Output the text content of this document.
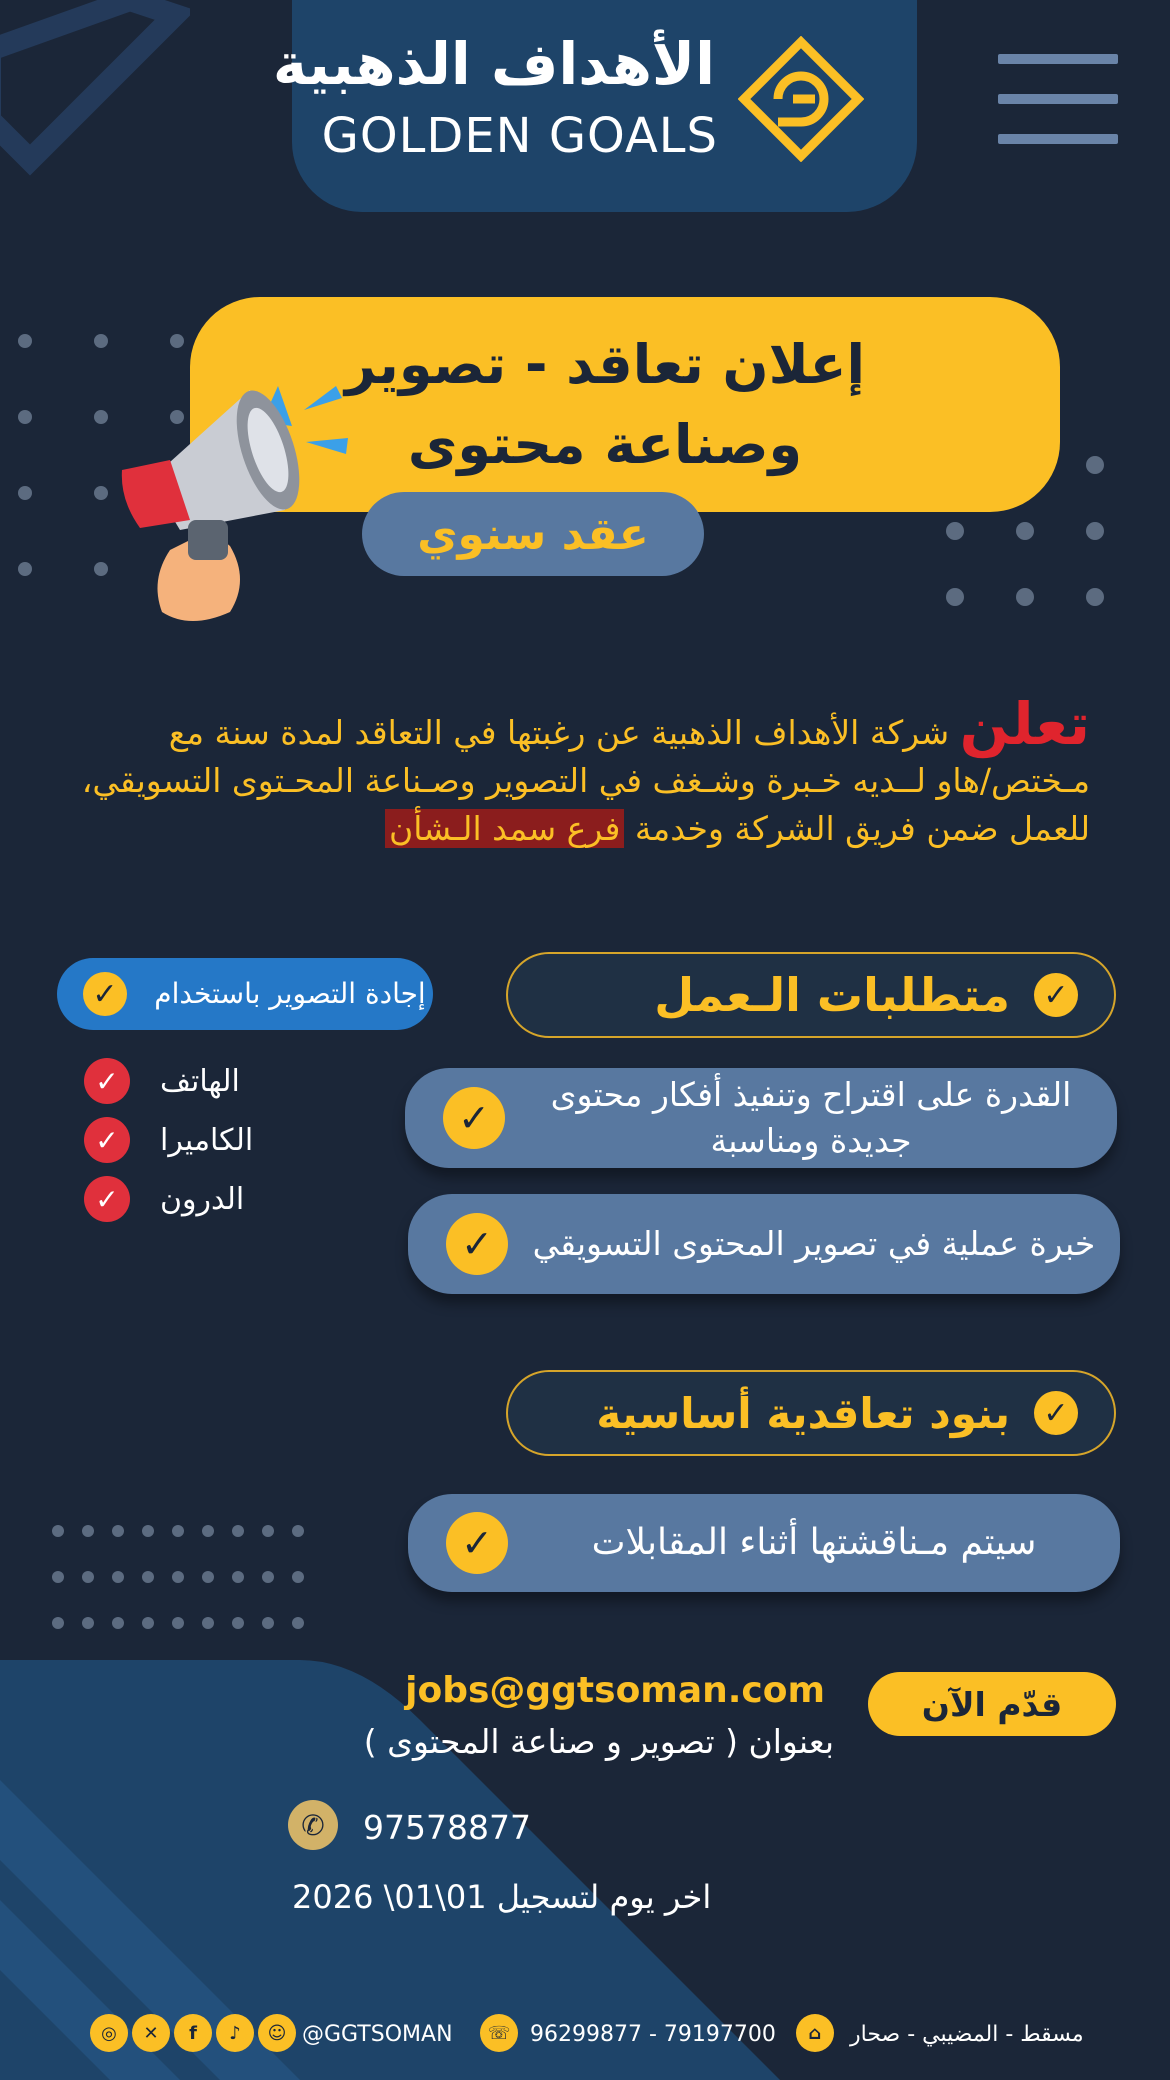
الأهداف الذهبية
GOLDEN GOALS
إعلان تعاقد - تصوير وصناعة محتوى
عقد سنوي
تعلن شركة الأهداف الذهبية عن رغبتها في التعاقد لمدة سنة مع مـختص/هاو لــديه خـبرة وشـغف في التصوير وصـناعة المحـتوى التسويقي، للعمل ضمن فريق الشركة وخدمة فرع سمد الـشأن
متطلبات الـعمل	✓
✓
القدرة على اقتراح وتنفيذ أفكار محتوى جديدة ومناسبة
✓	خبرة عملية في تصوير المحتوى التسويقي
✓	إجادة التصوير باستخدام
✓	الهاتف
✓	الكاميرا
✓	الدرون
بنود تعاقدية أساسية	✓
✓	سيتم مـناقشتها أثناء المقابلات
قدّم الآن
jobs@ggtsoman.com
بعنوان ( تصوير و صناعة المحتوى )
✆	97578877
اخر يوم لتسجيل 01\01\ 2026
⌂	مسقط - المضيبي - صحار
☏ 96299877 - 79197700
@GGTSOMAN
◎	✕	f	♪	☺
